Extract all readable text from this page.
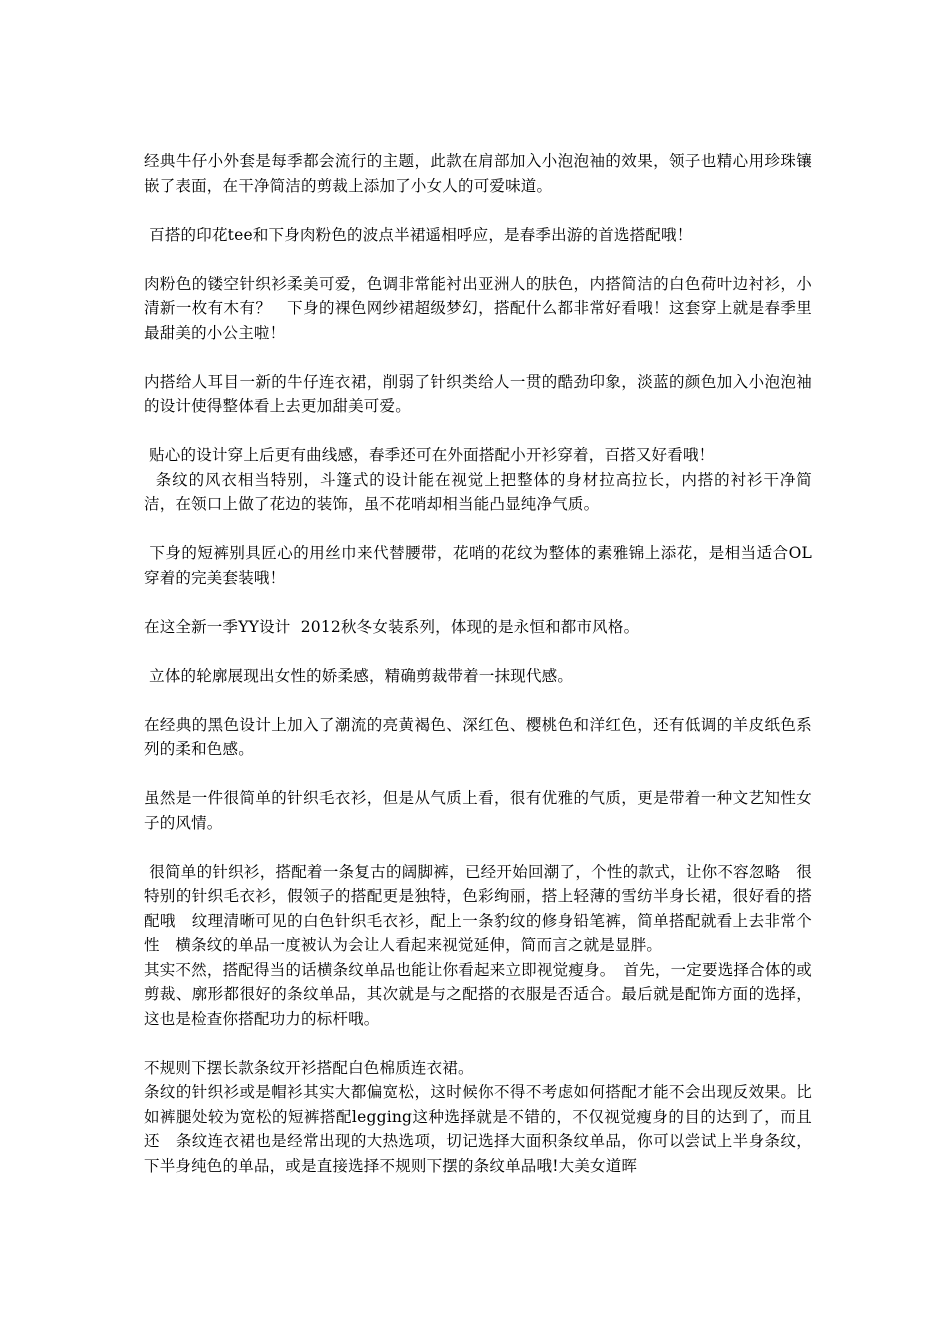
经典牛仔小外套是每季都会流行的主题，此款在肩部加入小泡泡袖的效果，领子也精心用珍珠镶嵌了表面，在干净简洁的剪裁上添加了小女人的可爱味道。

百搭的印花tee和下身肉粉色的波点半裙遥相呼应，是春季出游的首选搭配哦！

肉粉色的镂空针织衫柔美可爱，色调非常能衬出亚洲人的肤色，内搭简洁的白色荷叶边衬衫，小清新一枚有木有？　下身的裸色网纱裙超级梦幻，搭配什么都非常好看哦！这套穿上就是春季里最甜美的小公主啦！

内搭给人耳目一新的牛仔连衣裙，削弱了针织类给人一贯的酷劲印象，淡蓝的颜色加入小泡泡袖的设计使得整体看上去更加甜美可爱。

贴心的设计穿上后更有曲线感，春季还可在外面搭配小开衫穿着，百搭又好看哦！

条纹的风衣相当特别，斗篷式的设计能在视觉上把整体的身材拉高拉长，内搭的衬衫干净简洁，在领口上做了花边的装饰，虽不花哨却相当能凸显纯净气质。

下身的短裤别具匠心的用丝巾来代替腰带，花哨的花纹为整体的素雅锦上添花，是相当适合OL穿着的完美套装哦！

在这全新一季YY设计  2012秋冬女装系列，体现的是永恒和都市风格。

立体的轮廓展现出女性的娇柔感，精确剪裁带着一抹现代感。

在经典的黑色设计上加入了潮流的亮黄褐色、深红色、樱桃色和洋红色，还有低调的羊皮纸色系列的柔和色感。

虽然是一件很简单的针织毛衣衫，但是从气质上看，很有优雅的气质，更是带着一种文艺知性女子的风情。

很简单的针织衫，搭配着一条复古的阔脚裤，已经开始回潮了，个性的款式，让你不容忽略　很特别的针织毛衣衫，假领子的搭配更是独特，色彩绚丽，搭上轻薄的雪纺半身长裙，很好看的搭配哦　纹理清晰可见的白色针织毛衣衫，配上一条豹纹的修身铅笔裤，简单搭配就看上去非常个性　横条纹的单品一度被认为会让人看起来视觉延伸，简而言之就是显胖。

其实不然，搭配得当的话横条纹单品也能让你看起来立即视觉瘦身。　首先，一定要选择合体的或剪裁、廓形都很好的条纹单品，其次就是与之配搭的衣服是否适合。最后就是配饰方面的选择，这也是检查你搭配功力的标杆哦。

不规则下摆长款条纹开衫搭配白色棉质连衣裙。

条纹的针织衫或是帽衫其实大都偏宽松，这时候你不得不考虑如何搭配才能不会出现反效果。比如裤腿处较为宽松的短裤搭配legging这种选择就是不错的，不仅视觉瘦身的目的达到了，而且还　条纹连衣裙也是经常出现的大热选项，切记选择大面积条纹单品，你可以尝试上半身条纹，下半身纯色的单品，或是直接选择不规则下摆的条纹单品哦!大美女道晖
